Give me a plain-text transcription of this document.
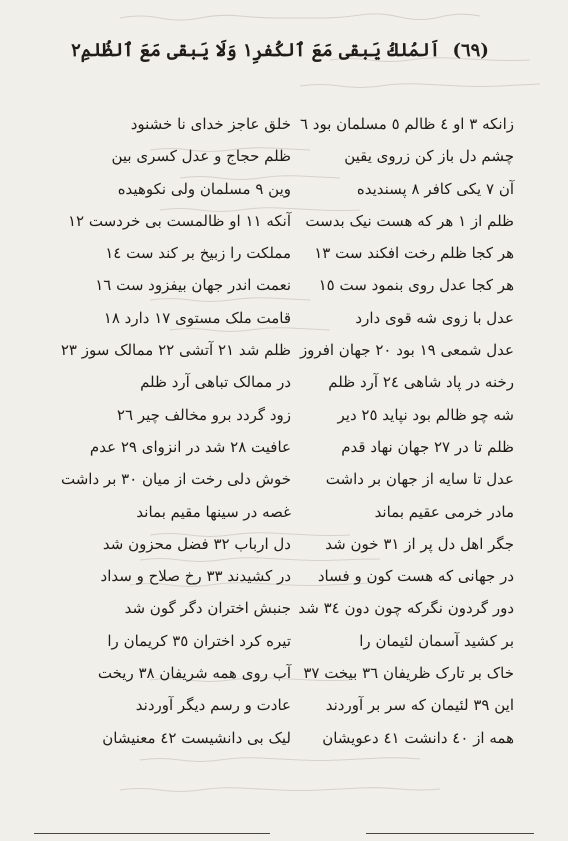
(٦٩) اَلمُلكُ يَبقى مَعَ ٱلكُفرِ١ وَلَا يَبقى مَعَ ٱلظُلمِ٢
زانکه ٣ او ٤ ظالم ٥ مسلمان بود ٦
چشم دل باز کن زروی یقین
آن ٧ یکی کافر ٨ پسندیده
ظلم از ١ هر که هست نیک بدست
هر کجا ظلم رخت افکند ست ١٣
هر کجا عدل روی بنمود ست ١٥
عدل با زوی شه قوی دارد
عدل شمعی ١٩ بود ٢٠ جهان افروز
رخنه در پاد شاهی ٢٤ آرد ظلم
شه چو ظالم بود نپاید ٢٥ دیر
ظلم تا در ٢٧ جهان نهاد قدم
عدل تا سایه از جهان بر داشت
مادر خرمی عقیم بماند
جگر اهل دل پر از ٣١ خون شد
در جهانی که هست کون و فساد
دور گردون نگرکه چون دون ٣٤ شد
بر کشید آسمان لئیمان را
خاک بر تارک ظریفان ٣٦ بیخت ٣٧
این ٣٩ لئیمان که سر بر آوردند
همه از ٤٠ دانشت ٤١ دعویشان
خلق عاجز خدای نا خشنود
ظلم حجاج و عدل کسری بین
وین ٩ مسلمان ولی نکوهیده
آنکه ١١ او ظالمست بی خردست ١٢
مملکت را زبیخ بر کند ست ١٤
نعمت اندر جهان بیفزود ست ١٦
قامت ملک مستوی ١٧ دارد ١٨
ظلم شد ٢١ آتشی ٢٢ ممالک سوز ٢٣
در ممالک تباهی آرد ظلم
زود گردد برو مخالف چیر ٢٦
عافیت ٢٨ شد در انزوای ٢٩ عدم
خوش دلی رخت از میان ٣٠ بر داشت
غصه در سینها مقیم بماند
دل ارباب ٣٢ فضل محزون شد
در کشیدند ٣٣ رخ صلاح و سداد
جنبش اختران دگر گون شد
تیره کرد اختران ٣٥ کریمان را
آب روی همه شریفان ٣٨ ریخت
عادت و رسم دیگر آوردند
لیک بی دانشیست ٤٢ معنیشان
